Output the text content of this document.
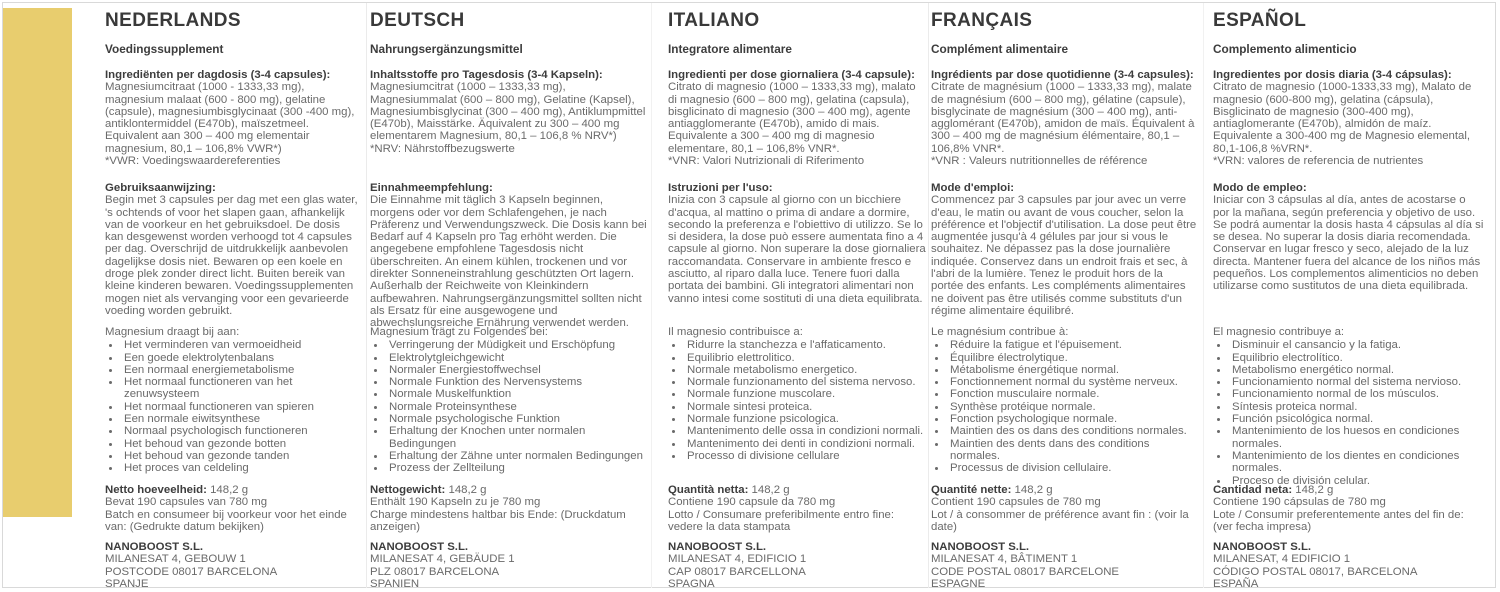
NEDERLANDS
Voedingssupplement
Ingrediënten per dagdosis (3-4 capsules):
Magnesiumcitraat (1000 - 1333,33 mg), magnesium malaat (600 - 800 mg), gelatine (capsule), magnesiumbisglycinaat (300 -400 mg), antiklontermiddel (E470b), maïszetmeel. Equivalent aan 300 – 400 mg elementair magnesium, 80,1 – 106,8% VWR*)
*VWR: Voedingswaardereferenties
Gebruiksaanwijzing:
Begin met 3 capsules per dag met een glas water, 's ochtends of voor het slapen gaan, afhankelijk van de voorkeur en het gebruiksdoel. De dosis kan desgewenst worden verhoogd tot 4 capsules per dag. Overschrijd de uitdrukkelijk aanbevolen dagelijkse dosis niet. Bewaren op een koele en droge plek zonder direct licht. Buiten bereik van kleine kinderen bewaren. Voedingssupplementen mogen niet als vervanging voor een gevarieerde voeding worden gebruikt.
Magnesium draagt bij aan:
• Het verminderen van vermoeidheid
• Een goede elektrolytenbalans
• Een normaal energiemetabolisme
• Het normaal functioneren van het zenuwsysteem
• Het normaal functioneren van spieren
• Een normale eiwitsynthese
• Normaal psychologisch functioneren
• Het behoud van gezonde botten
• Het behoud van gezonde tanden
• Het proces van celdeling
Netto hoeveelheid: 148,2 g
Bevat 190 capsules van 780 mg
Batch en consumeer bij voorkeur voor het einde van: (Gedrukte datum bekijken)
NANOBOOST S.L.
MILANESAT 4, GEBOUW 1
POSTCODE 08017 BARCELONA
SPANJE
DEUTSCH
Nahrungsergänzungsmittel
Inhaltsstoffe pro Tagesdosis (3-4 Kapseln):
Magnesiumcitrat (1000 – 1333,33 mg), Magnesiummalat (600 – 800 mg), Gelatine (Kapsel), Magnesiumbisglycinat (300 – 400 mg), Antiklumpmittel (E470b), Maisstärke. Äquivalent zu 300 – 400 mg elementarem Magnesium, 80,1 – 106,8 % NRV*)
*NRV: Nährstoffbezugswerte
Einnahmeempfehlung:
Die Einnahme mit täglich 3 Kapseln beginnen, morgens oder vor dem Schlafengehen, je nach Präferenz und Verwendungszweck. Die Dosis kann bei Bedarf auf 4 Kapseln pro Tag erhöht werden. Die angegebene empfohlene Tagesdosis nicht überschreiten. An einem kühlen, trockenen und vor direkter Sonneneinstrahlung geschützten Ort lagern. Außerhalb der Reichweite von Kleinkindern aufbewahren. Nahrungsergänzungsmittel sollten nicht als Ersatz für eine ausgewogene und abwechslungsreiche Ernährung verwendet werden.
Magnesium trägt zu Folgendes bei:
• Verringerung der Müdigkeit und Erschöpfung
• Elektrolytgleichgewicht
• Normaler Energiestoffwechsel
• Normale Funktion des Nervensystems
• Normale Muskelfunktion
• Normale Proteinsynthese
• Normale psychologische Funktion
• Erhaltung der Knochen unter normalen Bedingungen
• Erhaltung der Zähne unter normalen Bedingungen
• Prozess der Zellteilung
Nettogewicht: 148,2 g
Enthält 190 Kapseln zu je 780 mg
Charge mindestens haltbar bis Ende: (Druckdatum anzeigen)
NANOBOOST S.L.
MILANESAT 4, GEBÄUDE 1
PLZ 08017 BARCELONA
SPANIEN
ITALIANO
Integratore alimentare
Ingredienti per dose giornaliera (3-4 capsule):
Citrato di magnesio (1000 – 1333,33 mg), malato di magnesio (600 – 800 mg), gelatina (capsula), bisglicinato di magnesio (300 – 400 mg), agente antiagglomerante (E470b), amido di mais. Equivalente a 300 – 400 mg di magnesio elementare, 80,1 – 106,8% VNR*.
*VNR: Valori Nutrizionali di Riferimento
Istruzioni per l'uso:
Inizia con 3 capsule al giorno con un bicchiere d'acqua, al mattino o prima di andare a dormire, secondo la preferenza e l'obiettivo di utilizzo. Se lo si desidera, la dose può essere aumentata fino a 4 capsule al giorno. Non superare la dose giornaliera raccomandata. Conservare in ambiente fresco e asciutto, al riparo dalla luce. Tenere fuori dalla portata dei bambini. Gli integratori alimentari non vanno intesi come sostituti di una dieta equilibrata.
Il magnesio contribuisce a:
• Ridurre la stanchezza e l'affaticamento.
• Equilibrio elettrolitico.
• Normale metabolismo energetico.
• Normale funzionamento del sistema nervoso.
• Normale funzione muscolare.
• Normale sintesi proteica.
• Normale funzione psicologica.
• Mantenimento delle ossa in condizioni normali.
• Mantenimento dei denti in condizioni normali.
• Processo di divisione cellulare
Quantità netta: 148,2 g
Contiene 190 capsule da 780 mg
Lotto / Consumare preferibilmente entro fine: vedere la data stampata
NANOBOOST S.L.
MILANESAT 4, EDIFICIO 1
CAP 08017 BARCELLONA
SPAGNA
FRANÇAIS
Complément alimentaire
Ingrédients par dose quotidienne (3-4 capsules):
Citrate de magnésium (1000 – 1333,33 mg), malate de magnésium (600 – 800 mg), gélatine (capsule), bisglycinate de magnésium (300 – 400 mg), anti-agglomérant (E470b), amidon de maïs. Équivalent à 300 – 400 mg de magnésium élémentaire, 80,1 – 106,8% VNR*.
*VNR : Valeurs nutritionnelles de référence
Mode d'emploi:
Commencez par 3 capsules par jour avec un verre d'eau, le matin ou avant de vous coucher, selon la préférence et l'objectif d'utilisation. La dose peut être augmentée jusqu'à 4 gélules par jour si vous le souhaitez. Ne dépassez pas la dose journalière indiquée. Conservez dans un endroit frais et sec, à l'abri de la lumière. Tenez le produit hors de la portée des enfants. Les compléments alimentaires ne doivent pas être utilisés comme substituts d'un régime alimentaire équilibré.
Le magnésium contribue à:
• Réduire la fatigue et l'épuisement.
• Équilibre électrolytique.
• Métabolisme énergétique normal.
• Fonctionnement normal du système nerveux.
• Fonction musculaire normale.
• Synthèse protéique normale.
• Fonction psychologique normale.
• Maintien des os dans des conditions normales.
• Maintien des dents dans des conditions normales.
• Processus de division cellulaire.
Quantité nette: 148,2 g
Contient 190 capsules de 780 mg
Lot / à consommer de préférence avant fin : (voir la date)
NANOBOOST S.L.
MILANESAT 4, BÂTIMENT 1
CODE POSTAL 08017 BARCELONE
ESPAGNE
ESPAÑOL
Complemento alimenticio
Ingredientes por dosis diaria (3-4 cápsulas):
Citrato de magnesio (1000-1333,33 mg), Malato de magnesio (600-800 mg), gelatina (cápsula), Bisglicinato de magnesio (300-400 mg), antiaglomerante (E470b), almidón de maíz. Equivalente a 300-400 mg de Magnesio elemental, 80,1-106,8 %VRN*.
*VRN: valores de referencia de nutrientes
Modo de empleo:
Iniciar con 3 cápsulas al día, antes de acostarse o por la mañana, según preferencia y objetivo de uso. Se podrá aumentar la dosis hasta 4 cápsulas al día si se desea. No superar la dosis diaria recomendada. Conservar en lugar fresco y seco, alejado de la luz directa. Mantener fuera del alcance de los niños más pequeños. Los complementos alimenticios no deben utilizarse como sustitutos de una dieta equilibrada.
El magnesio contribuye a:
• Disminuir el cansancio y la fatiga.
• Equilibrio electrolítico.
• Metabolismo energético normal.
• Funcionamiento normal del sistema nervioso.
• Funcionamiento normal de los músculos.
• Síntesis proteica normal.
• Función psicológica normal.
• Mantenimiento de los huesos en condiciones normales.
• Mantenimiento de los dientes en condiciones normales.
• Proceso de división celular.
Cantidad neta: 148,2 g
Contiene 190 cápsulas de 780 mg
Lote / Consumir preferentemente antes del fin de: (ver fecha impresa)
NANOBOOST S.L.
MILANESAT, 4 EDIFICIO 1
CÓDIGO POSTAL 08017, BARCELONA
ESPAÑA
